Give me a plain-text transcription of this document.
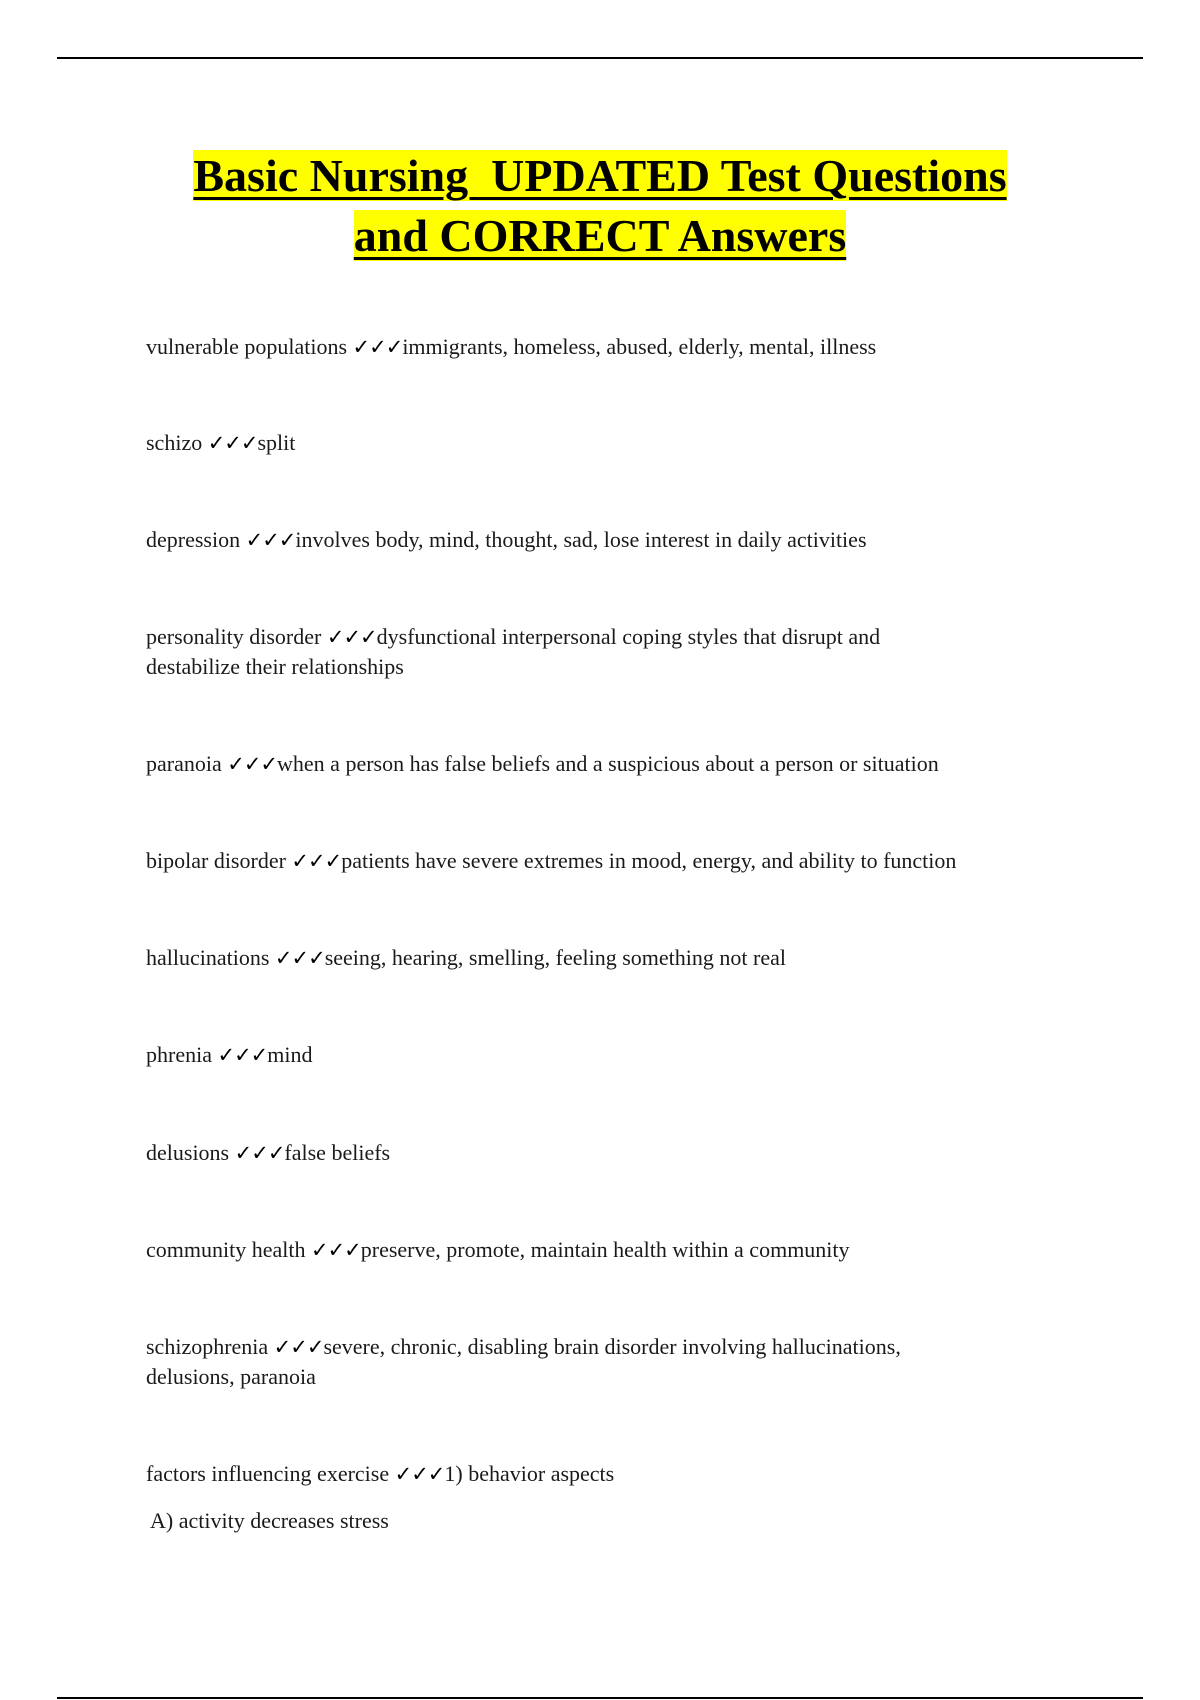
Basic Nursing  UPDATED Test Questions
and CORRECT Answers
vulnerable populations ✓✓✓immigrants, homeless, abused, elderly, mental, illness
schizo ✓✓✓split
depression ✓✓✓involves body, mind, thought, sad, lose interest in daily activities
personality disorder ✓✓✓dysfunctional interpersonal coping styles that disrupt and
destabilize their relationships
paranoia ✓✓✓when a person has false beliefs and a suspicious about a person or situation
bipolar disorder ✓✓✓patients have severe extremes in mood, energy, and ability to function
hallucinations ✓✓✓seeing, hearing, smelling, feeling something not real
phrenia ✓✓✓mind
delusions ✓✓✓false beliefs
community health ✓✓✓preserve, promote, maintain health within a community
schizophrenia ✓✓✓severe, chronic, disabling brain disorder involving hallucinations,
delusions, paranoia
factors influencing exercise ✓✓✓1) behavior aspects
A) activity decreases stress
